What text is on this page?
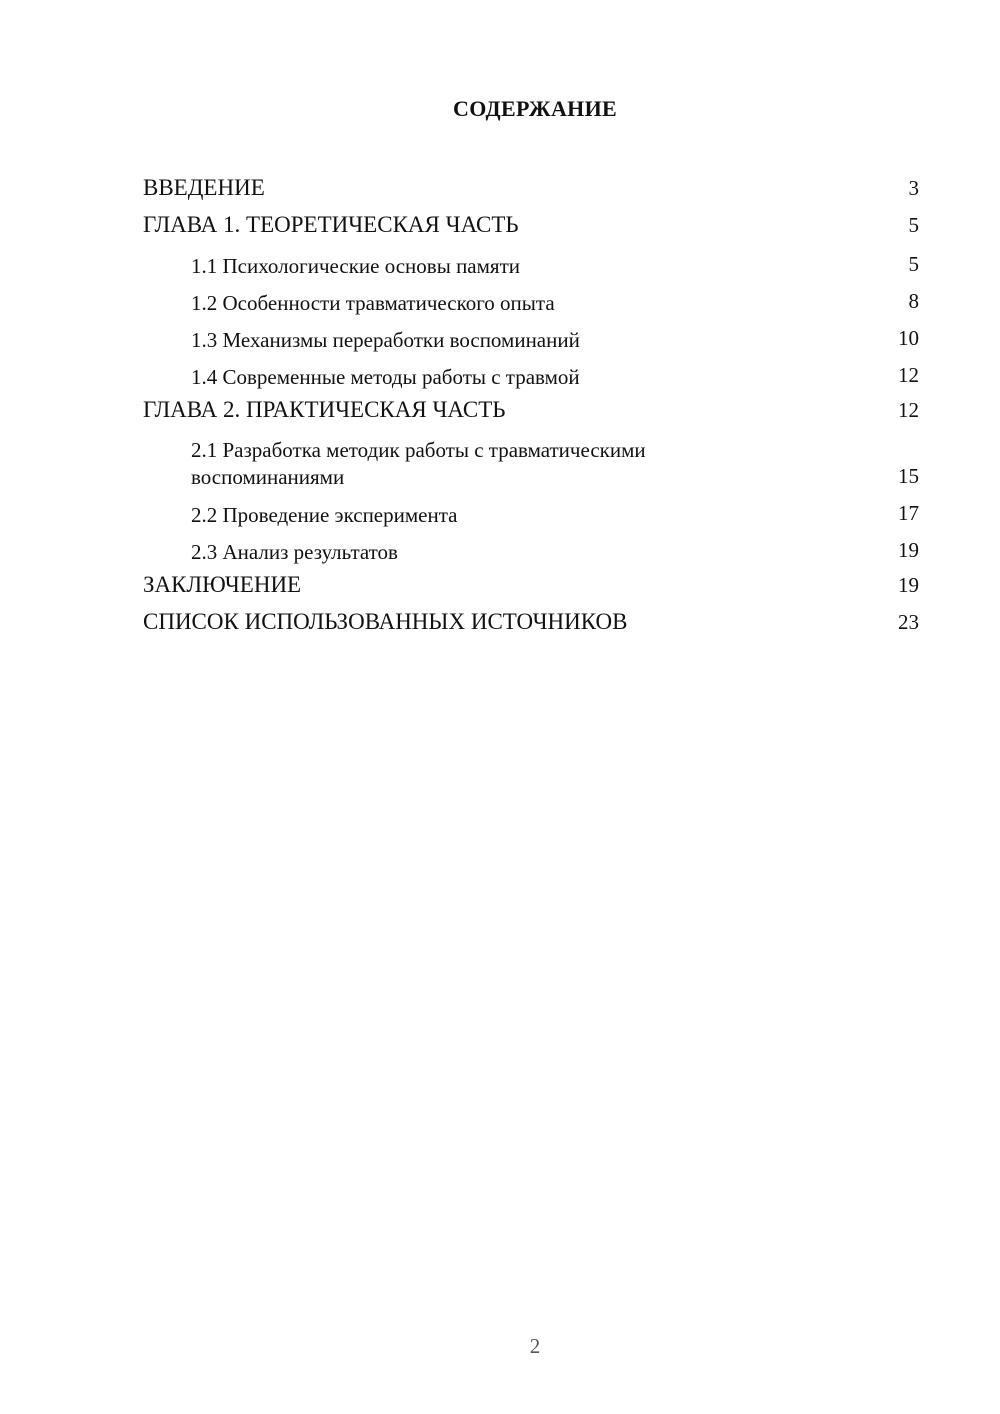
СОДЕРЖАНИЕ
ВВЕДЕНИЕ	3
ГЛАВА 1. ТЕОРЕТИЧЕСКАЯ ЧАСТЬ	5
1.1 Психологические основы памяти	5
1.2 Особенности травматического опыта	8
1.3 Механизмы переработки воспоминаний	10
1.4 Современные методы работы с травмой	12
ГЛАВА 2. ПРАКТИЧЕСКАЯ ЧАСТЬ	12
2.1 Разработка методик работы с травматическими
воспоминаниями	15
2.2 Проведение эксперимента	17
2.3 Анализ результатов	19
ЗАКЛЮЧЕНИЕ	19
СПИСОК ИСПОЛЬЗОВАННЫХ ИСТОЧНИКОВ	23
2
